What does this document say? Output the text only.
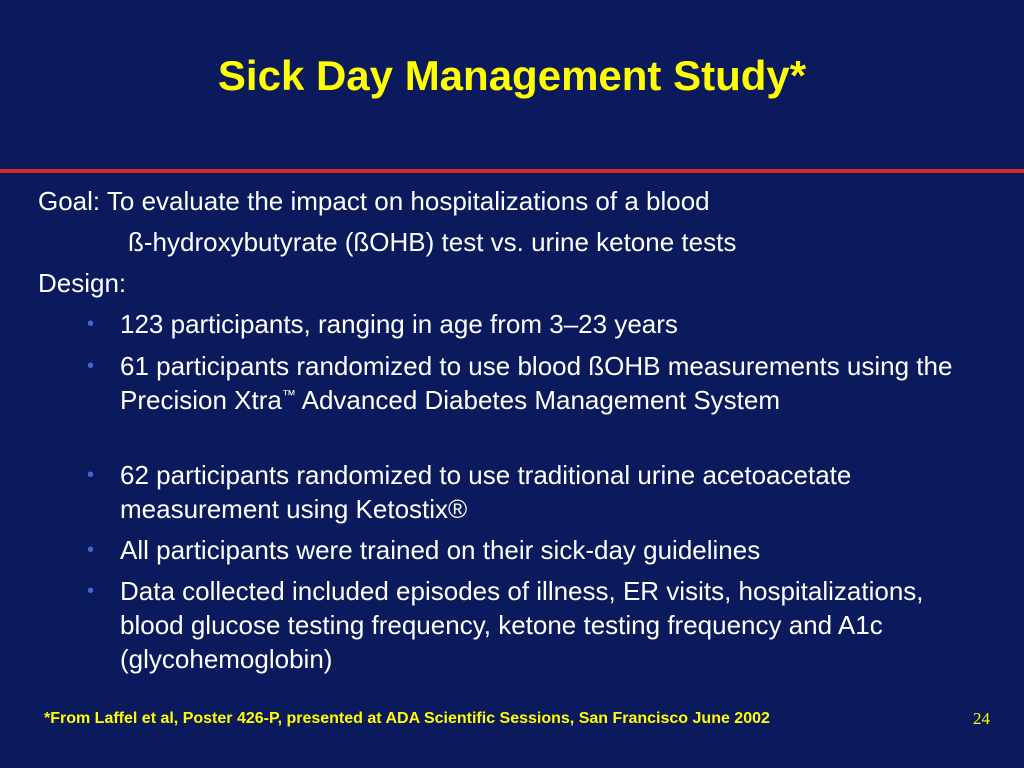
Sick Day Management Study*
Goal: To evaluate the impact on hospitalizations of a blood
ß-hydroxybutyrate (ßOHB) test vs. urine ketone tests
Design:
• 123 participants, ranging in age from 3–23 years
• 61 participants randomized to use blood ßOHB measurements using the Precision Xtra™ Advanced Diabetes Management System
• 62 participants randomized to use traditional urine acetoacetate measurement using Ketostix®
• All participants were trained on their sick-day guidelines
• Data collected included episodes of illness, ER visits, hospitalizations, blood glucose testing frequency, ketone testing frequency and A1c (glycohemoglobin)
*From Laffel et al, Poster 426-P, presented at ADA Scientific Sessions, San Francisco June 2002	24
